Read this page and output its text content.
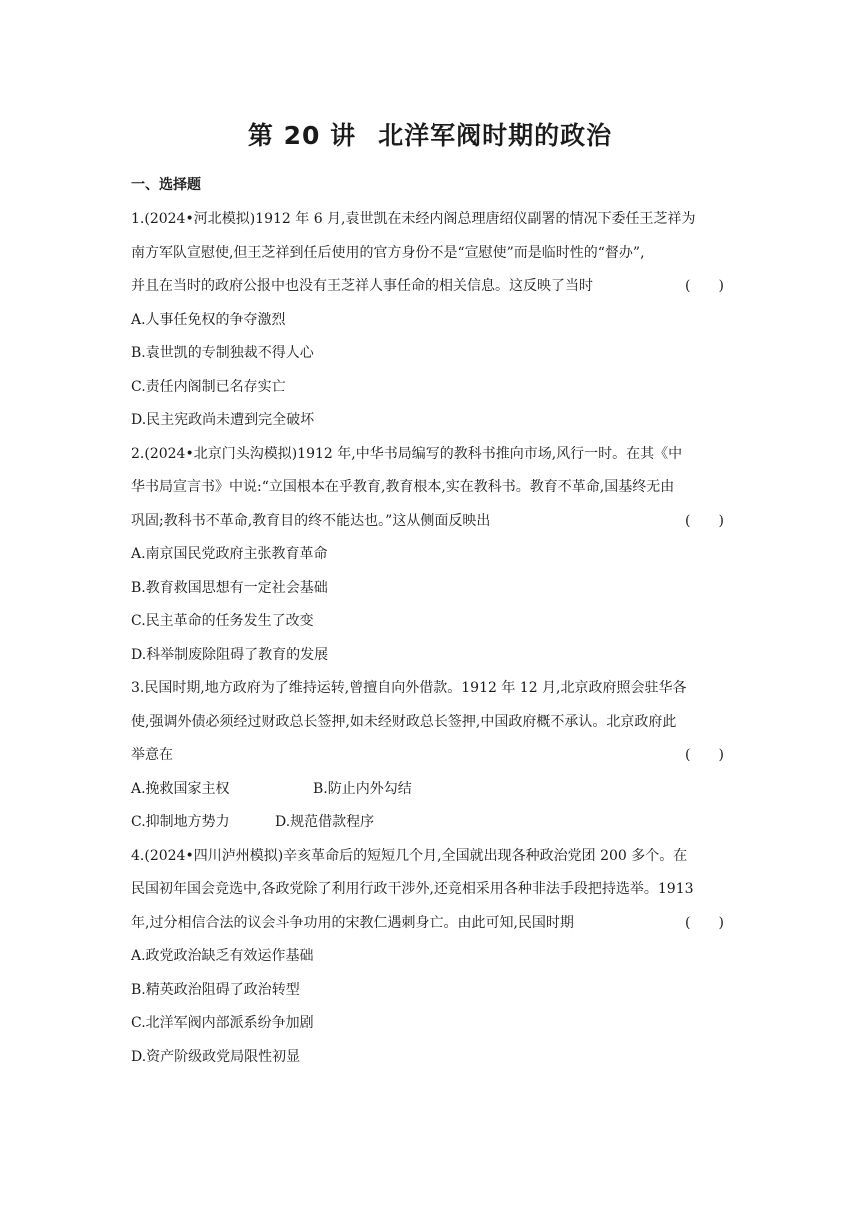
第 20 讲 北洋军阀时期的政治
一、选择题
1.(2024•河北模拟)1912 年 6 月,袁世凯在未经内阁总理唐绍仪副署的情况下委任王芝祥为
南方军队宣慰使,但王芝祥到任后使用的官方身份不是“宣慰使”而是临时性的“督办”,
并且在当时的政府公报中也没有王芝祥人事任命的相关信息。这反映了当时	(　　)
A.人事任免权的争夺激烈
B.袁世凯的专制独裁不得人心
C.责任内阁制已名存实亡
D.民主宪政尚未遭到完全破坏
2.(2024•北京门头沟模拟)1912 年,中华书局编写的教科书推向市场,风行一时。在其《中
华书局宣言书》中说:“立国根本在乎教育,教育根本,实在教科书。教育不革命,国基终无由
巩固;教科书不革命,教育目的终不能达也。”这从侧面反映出	(　　)
A.南京国民党政府主张教育革命
B.教育救国思想有一定社会基础
C.民主革命的任务发生了改变
D.科举制废除阻碍了教育的发展
3.民国时期,地方政府为了维持运转,曾擅自向外借款。1912 年 12 月,北京政府照会驻华各
使,强调外债必须经过财政总长签押,如未经财政总长签押,中国政府概不承认。北京政府此
举意在	(　　)
A.挽救国家主权	B.防止内外勾结
C.抑制地方势力	D.规范借款程序
4.(2024•四川泸州模拟)辛亥革命后的短短几个月,全国就出现各种政治党团 200 多个。在
民国初年国会竞选中,各政党除了利用行政干涉外,还竞相采用各种非法手段把持选举。1913
年,过分相信合法的议会斗争功用的宋教仁遇刺身亡。由此可知,民国时期	(　　)
A.政党政治缺乏有效运作基础
B.精英政治阻碍了政治转型
C.北洋军阀内部派系纷争加剧
D.资产阶级政党局限性初显
